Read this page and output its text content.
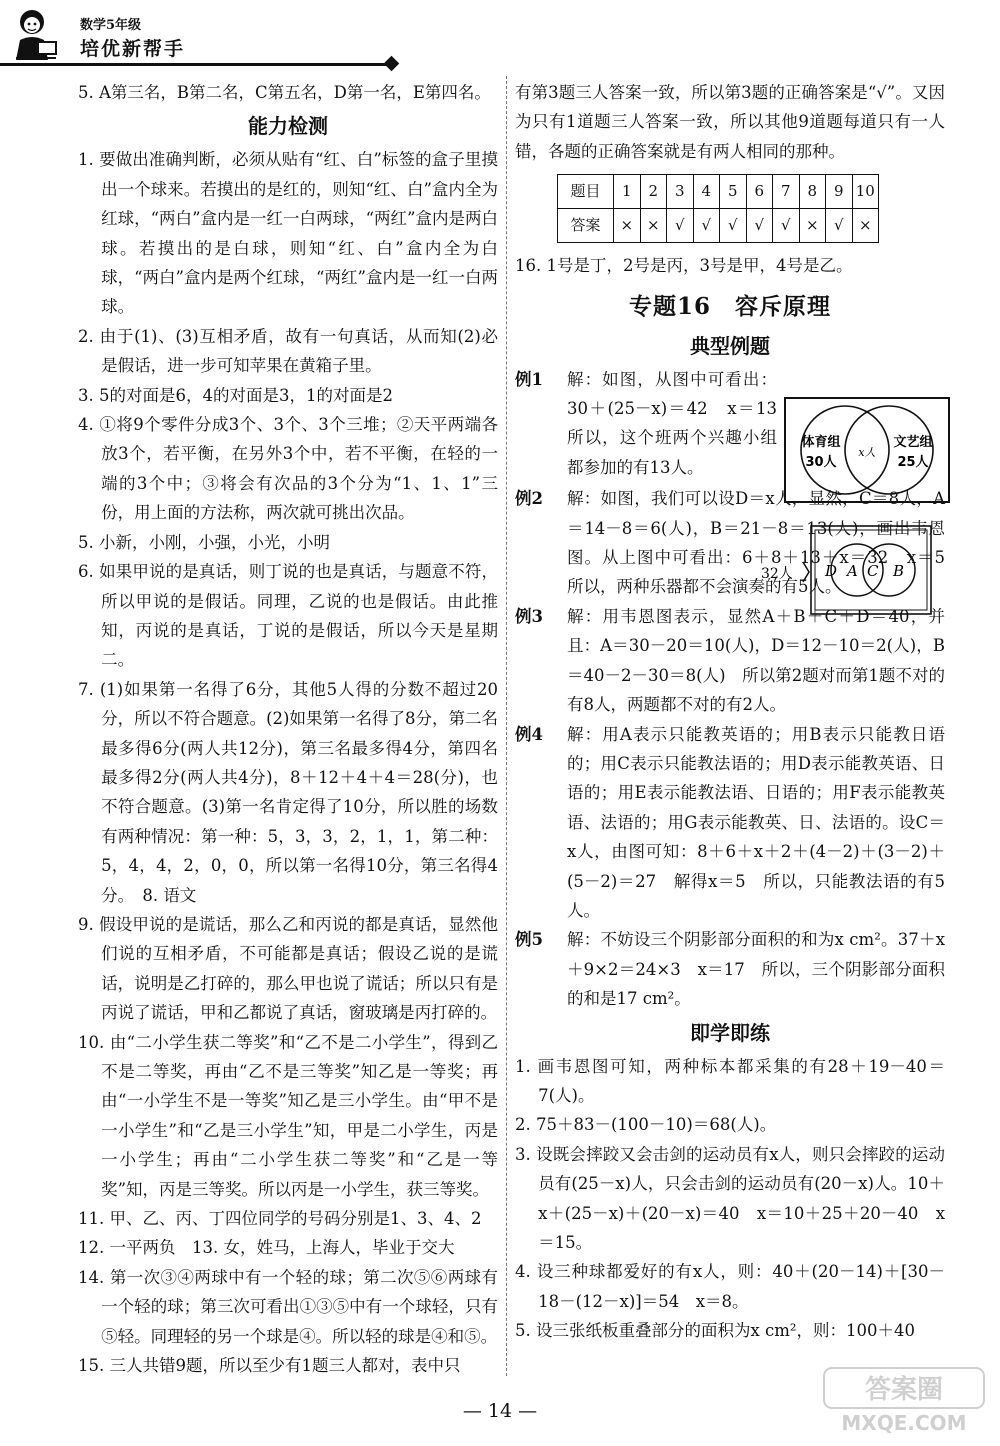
数学5年级
培优新帮手
5. A第三名，B第二名，C第五名，D第一名，E第四名。
能力检测
1. 要做出准确判断，必须从贴有“红、白”标签的盒子里摸出一个球来。若摸出的是红的，则知“红、白”盒内全为红球，“两白”盒内是一红一白两球，“两红”盒内是两白球。若摸出的是白球，则知“红、白”盒内全为白球，“两白”盒内是两个红球，“两红”盒内是一红一白两球。
2. 由于(1)、(3)互相矛盾，故有一句真话，从而知(2)必是假话，进一步可知苹果在黄箱子里。
3. 5的对面是6，4的对面是3，1的对面是2
4. ①将9个零件分成3个、3个、3个三堆；②天平两端各放3个，若平衡，在另外3个中，若不平衡，在轻的一端的3个中；③将会有次品的3个分为“1、1、1”三份，用上面的方法称，两次就可挑出次品。
5. 小新，小刚，小强，小光，小明
6. 如果甲说的是真话，则丁说的也是真话，与题意不符，所以甲说的是假话。同理，乙说的也是假话。由此推知，丙说的是真话，丁说的是假话，所以今天是星期二。
7. (1)如果第一名得了6分，其他5人得的分数不超过20分，所以不符合题意。(2)如果第一名得了8分，第二名最多得6分(两人共12分)，第三名最多得4分，第四名最多得2分(两人共4分)，8＋12＋4＋4＝28(分)，也不符合题意。(3)第一名肯定得了10分，所以胜的场数有两种情况：第一种：5，3，3，2，1，1，第二种：5，4，4，2，0，0，所以第一名得10分，第三名得4分。　8. 语文
9. 假设甲说的是谎话，那么乙和丙说的都是真话，显然他们说的互相矛盾，不可能都是真话；假设乙说的是谎话，说明是乙打碎的，那么甲也说了谎话；所以只有是丙说了谎话，甲和乙都说了真话，窗玻璃是丙打碎的。
10. 由“二小学生获二等奖”和“乙不是二小学生”，得到乙不是二等奖，再由“乙不是三等奖”知乙是一等奖；再由“一小学生不是一等奖”知乙是三小学生。由“甲不是一小学生”和“乙是三小学生”知，甲是二小学生，丙是一小学生；再由“二小学生获二等奖”和“乙是一等奖”知，丙是三等奖。所以丙是一小学生，获三等奖。
11. 甲、乙、丙、丁四位同学的号码分别是1、3、4、2
12. 一平两负　13. 女，姓马，上海人，毕业于交大
14. 第一次③④两球中有一个轻的球；第二次⑤⑥两球有一个轻的球；第三次可看出①③⑤中有一个球轻，只有⑤轻。同理轻的另一个球是④。所以轻的球是④和⑤。
15. 三人共错9题，所以至少有1题三人都对，表中只
有第3题三人答案一致，所以第3题的正确答案是“√”。又因为只有1道题三人答案一致，所以其他9道题每道只有一人错，各题的正确答案就是有两人相同的那种。
题目	1	2	3	4	5	6	7	8	9	10
答案	×	×	√	√	√	√	√	×	√	×
16. 1号是丁，2号是丙，3号是甲，4号是乙。
专题16　容斥原理
典型例题
例1 解：如图，从图中可看出：30＋(25－x)＝42　x＝13　所以，这个班两个兴趣小组都参加的有13人。
例2 解：如图，我们可以设D＝x人，显然，C＝8人，A＝14－8＝6(人)，B＝21－8＝13(人)，画出韦恩图。从上图中可看出：6＋8＋13＋x＝32　x＝5　所以，两种乐器都不会演奏的有5人。
例3 解：用韦恩图表示，显然A＋B＋C＋D＝40，并且：A＝30－20＝10(人)，D＝12－10＝2(人)，B＝40－2－30＝8(人)　所以第2题对而第1题不对的有8人，两题都不对的有2人。
例4 解：用A表示只能教英语的；用B表示只能教日语的；用C表示只能教法语的；用D表示能教英语、日语的；用E表示能教法语、日语的；用F表示能教英语、法语的；用G表示能教英、日、法语的。设C＝x人，由图可知：8＋6＋x＋2＋(4－2)＋(3－2)＋(5－2)＝27　解得x＝5　所以，只能教法语的有5人。
例5 解：不妨设三个阴影部分面积的和为x cm²。37＋x＋9×2＝24×3　x＝17　所以，三个阴影部分面积的和是17 cm²。
即学即练
1. 画韦恩图可知，两种标本都采集的有28＋19－40＝7(人)。
2. 75＋83－(100－10)＝68(人)。
3. 设既会摔跤又会击剑的运动员有x人，则只会摔跤的运动员有(25－x)人，只会击剑的运动员有(20－x)人。10＋x＋(25－x)＋(20－x)＝40　x＝10＋25＋20－40　x＝15。
4. 设三种球都爱好的有x人，则：40＋(20－14)＋[30－18－(12－x)]＝54　x＝8。
5. 设三张纸板重叠部分的面积为x cm²，则：100＋40
体育组
30人
x人
文艺组
25人
32人 D A C B
— 14 —
答案圈
MXQE.COM
